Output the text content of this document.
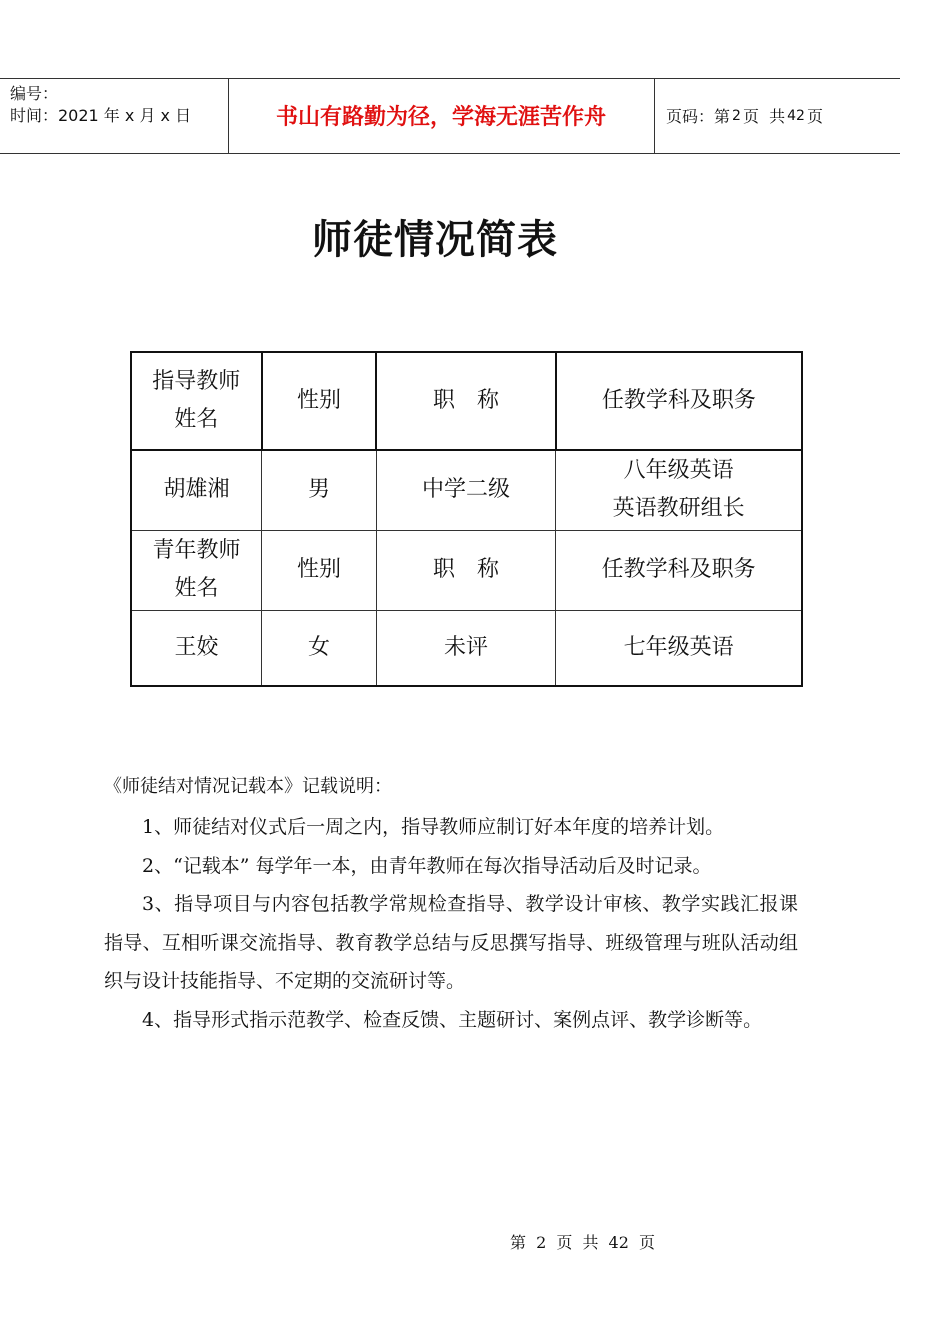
编号：
时间：2021 年 x 月 x 日	书山有路勤为径，学海无涯苦作舟	页码：第 2 页  共 42 页
师徒情况简表
指导教师
姓名	性别	职　称	任教学科及职务
胡雄湘	男	中学二级	八年级英语
英语教研组长
青年教师
姓名	性别	职　称	任教学科及职务
王姣	女	未评	七年级英语
《师徒结对情况记载本》记载说明：

1、师徒结对仪式后一周之内，指导教师应制订好本年度的培养计划。

2、“记载本” 每学年一本，由青年教师在每次指导活动后及时记录。

3、指导项目与内容包括教学常规检查指导、教学设计审核、教学实践汇报课指导、互相听课交流指导、教育教学总结与反思撰写指导、班级管理与班队活动组织与设计技能指导、不定期的交流研讨等。

4、指导形式指示范教学、检查反馈、主题研讨、案例点评、教学诊断等。

第 2 页 共 42 页
